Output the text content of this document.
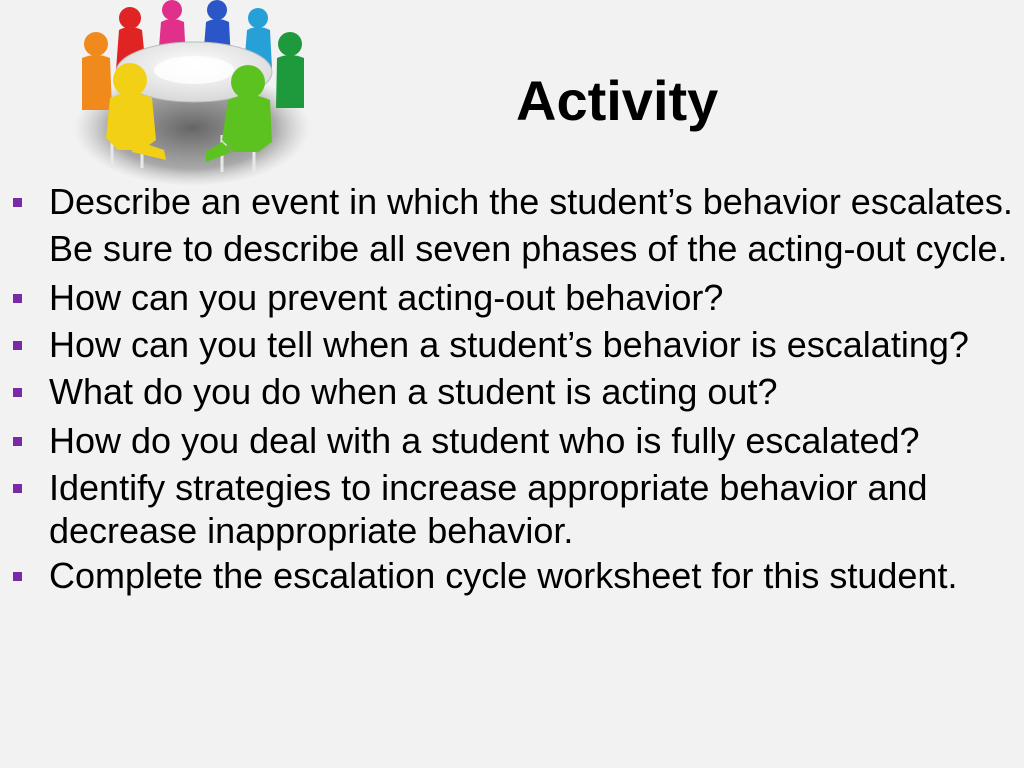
Activity
Describe an event in which the student’s behavior escalates. Be sure to describe all seven phases of the acting-out cycle.
How can you prevent acting-out behavior?
How can you tell when a student’s behavior is escalating?
What do you do when a student is acting out?
How do you deal with a student who is fully escalated?
Identify strategies to increase appropriate behavior and decrease inappropriate behavior.
Complete the escalation cycle worksheet for this student.
